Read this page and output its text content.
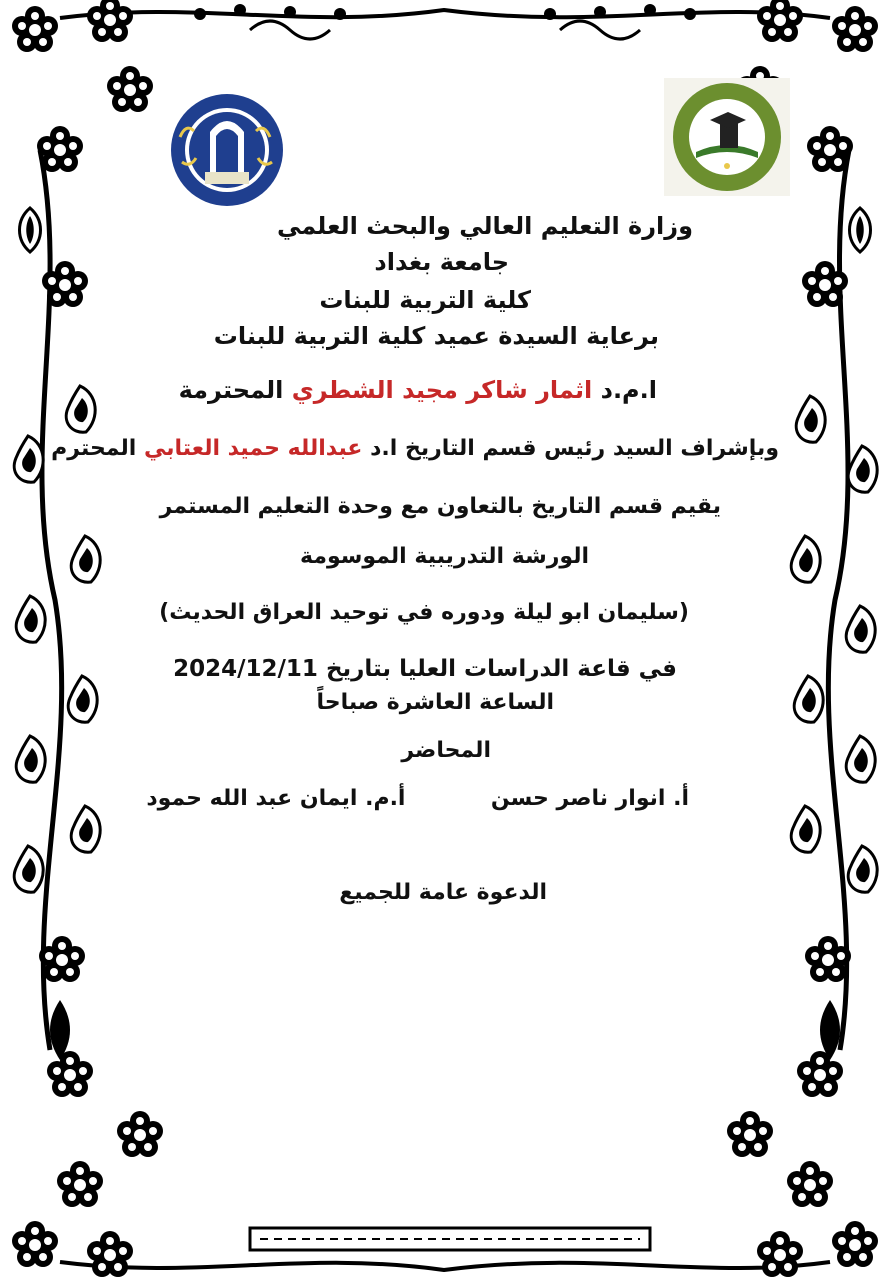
وزارة التعليم العالي والبحث العلمي
جامعة بغداد
كلية التربية للبنات
برعاية السيدة عميد كلية التربية للبنات
ا.م.د اثمار شاكر مجيد الشطري المحترمة
وبإشراف السيد رئيس قسم التاريخ ا.د عبدالله حميد العتابي المحترم
يقيم قسم التاريخ بالتعاون مع وحدة التعليم المستمر
الورشة التدريبية الموسومة
(سليمان ابو ليلة ودوره في توحيد العراق الحديث)
في قاعة الدراسات العليا بتاريخ 2024/12/11
الساعة العاشرة صباحاً
المحاضر
أ. انوار ناصر حسن  أ.م. ايمان عبد الله حمود
الدعوة عامة للجميع
